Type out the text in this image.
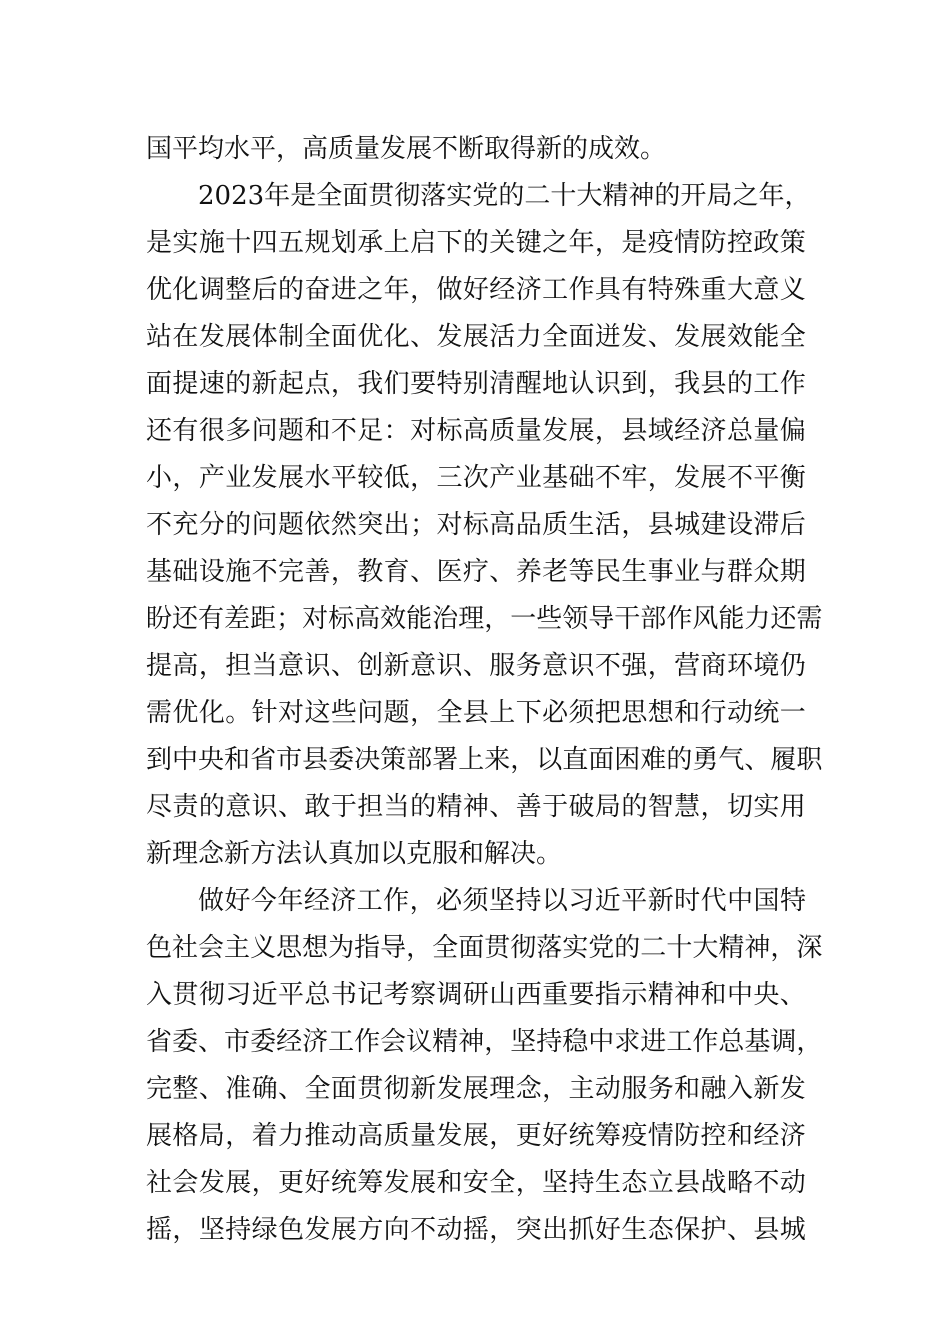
国平均水平，高质量发展不断取得新的成效。
2023 年 是 全 面 贯 彻 落 实 党 的 二 十 大 精 神 的 开 局 之 年 ，
是 实 施 十 四 五 规 划 承 上 启 下 的 关 键 之 年 ， 是 疫 情 防 控 政 策
优 化 调 整 后 的 奋 进 之 年 ， 做 好 经 济 工 作 具 有 特 殊 重 大 意 义
站 在 发 展 体 制 全 面 优 化 、 发 展 活 力 全 面 迸 发 、 发 展 效 能 全
面 提 速 的 新 起 点 ， 我 们 要 特 别 清 醒 地 认 识 到 ， 我 县 的 工 作
还 有 很 多 问 题 和 不 足 ： 对 标 高 质 量 发 展 ， 县 域 经 济 总 量 偏
小 ， 产 业 发 展 水 平 较 低 ， 三 次 产 业 基 础 不 牢 ， 发 展 不 平 衡
不 充 分 的 问 题 依 然 突 出 ； 对 标 高 品 质 生 活 ， 县 城 建 设 滞 后
基 础 设 施 不 完 善 ， 教 育 、 医 疗 、 养 老 等 民 生 事 业 与 群 众 期
盼 还 有 差 距 ； 对 标 高 效 能 治 理 ， 一 些 领 导 干 部 作 风 能 力 还 需
提 高 ， 担 当 意 识 、 创 新 意 识 、 服 务 意 识 不 强 ， 营 商 环 境 仍
需 优 化 。 针 对 这 些 问 题 ， 全 县 上 下 必 须 把 思 想 和 行 动 统 一
到 中 央 和 省 市 县 委 决 策 部 署 上 来 ， 以 直 面 困 难 的 勇 气 、 履 职
尽 责 的 意 识 、 敢 于 担 当 的 精 神 、 善 于 破 局 的 智 慧 ， 切 实 用
新理念新方法认真加以克服和解决。
做 好 今 年 经 济 工 作 ， 必 须 坚 持 以 习 近 平 新 时 代 中 国 特
色 社 会 主 义 思 想 为 指 导 ， 全 面 贯 彻 落 实 党 的 二 十 大 精 神 ， 深
入 贯 彻 习 近 平 总 书 记 考 察 调 研 山 西 重 要 指 示 精 神 和 中 央 、
省 委 、 市 委 经 济 工 作 会 议 精 神 ， 坚 持 稳 中 求 进 工 作 总 基 调 ，
完 整 、 准 确 、 全 面 贯 彻 新 发 展 理 念 ， 主 动 服 务 和 融 入 新 发
展 格 局 ， 着 力 推 动 高 质 量 发 展 ， 更 好 统 筹 疫 情 防 控 和 经 济
社 会 发 展 ， 更 好 统 筹 发 展 和 安 全 ， 坚 持 生 态 立 县 战 略 不 动
摇 ， 坚 持 绿 色 发 展 方 向 不 动 摇 ， 突 出 抓 好 生 态 保 护 、 县 城
